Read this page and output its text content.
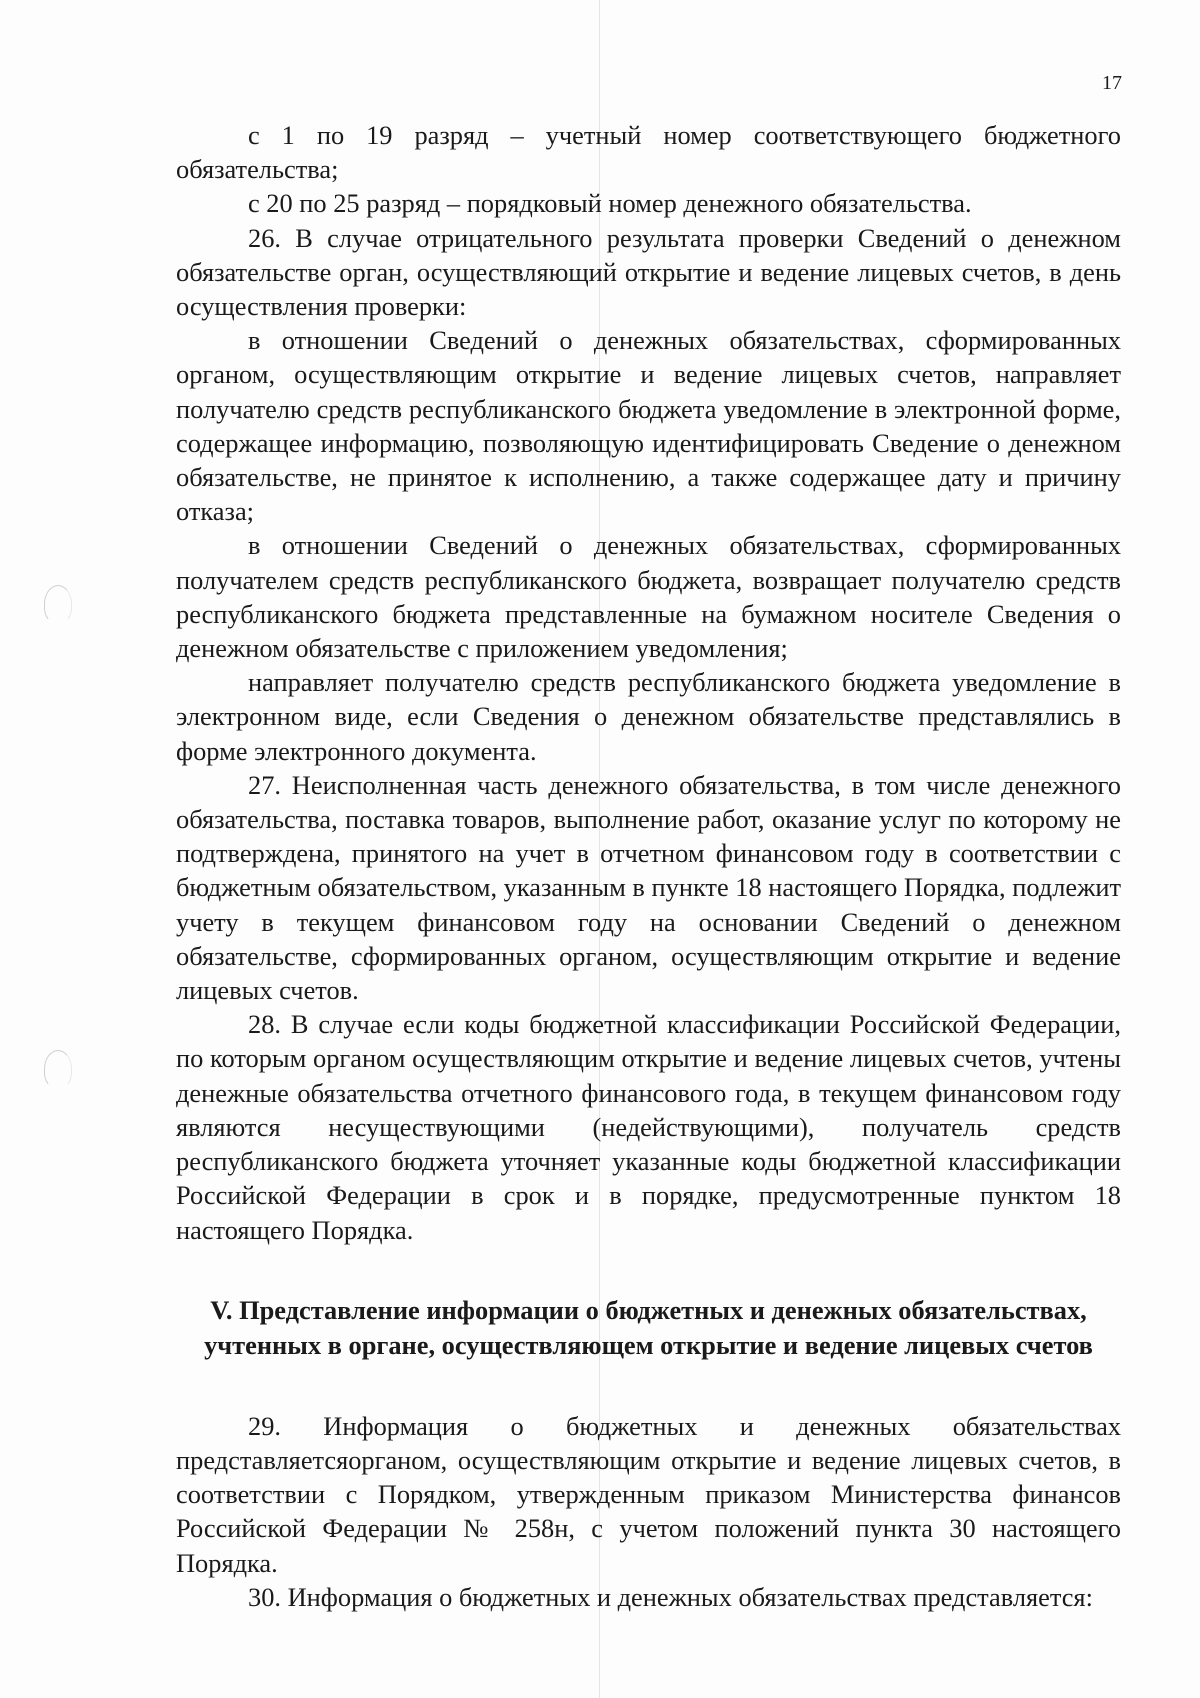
17

с 1 по 19 разряд – учетный номер соответствующего бюджетного обязательства;

с 20 по 25 разряд – порядковый номер денежного обязательства.

26. В случае отрицательного результата проверки Сведений о денежном обязательстве орган, осуществляющий открытие и ведение лицевых счетов, в день осуществления проверки:

в отношении Сведений о денежных обязательствах, сформированных органом, осуществляющим открытие и ведение лицевых счетов, направляет получателю средств республиканского бюджета уведомление в электронной форме, содержащее информацию, позволяющую идентифицировать Сведение о денежном обязательстве, не принятое к исполнению, а также содержащее дату и причину отказа;

в отношении Сведений о денежных обязательствах, сформированных получателем средств республиканского бюджета, возвращает получателю средств республиканского бюджета представленные на бумажном носителе Сведения о денежном обязательстве с приложением уведомления;

направляет получателю средств республиканского бюджета уведомление в электронном виде, если Сведения о денежном обязательстве представлялись в форме электронного документа.

27. Неисполненная часть денежного обязательства, в том числе денежного обязательства, поставка товаров, выполнение работ, оказание услуг по которому не подтверждена, принятого на учет в отчетном финансовом году в соответствии с бюджетным обязательством, указанным в пункте 18 настоящего Порядка, подлежит учету в текущем финансовом году на основании Сведений о денежном обязательстве, сформированных органом, осуществляющим открытие и ведение лицевых счетов.

28. В случае если коды бюджетной классификации Российской Федерации, по которым органом осуществляющим открытие и ведение лицевых счетов, учтены денежные обязательства отчетного финансового года, в текущем финансовом году являются несуществующими (недействующими), получатель средств республиканского бюджета уточняет указанные коды бюджетной классификации Российской Федерации в срок и в порядке, предусмотренные пунктом 18 настоящего Порядка.

V. Представление информации о бюджетных и денежных обязательствах, учтенных в органе, осуществляющем открытие и ведение лицевых счетов

29. Информация о бюджетных и денежных обязательствах представляетсяорганом, осуществляющим открытие и ведение лицевых счетов, в соответствии с Порядком, утвержденным приказом Министерства финансов Российской Федерации № 258н, с учетом положений пункта 30 настоящего Порядка.

30. Информация о бюджетных и денежных обязательствах представляется:
